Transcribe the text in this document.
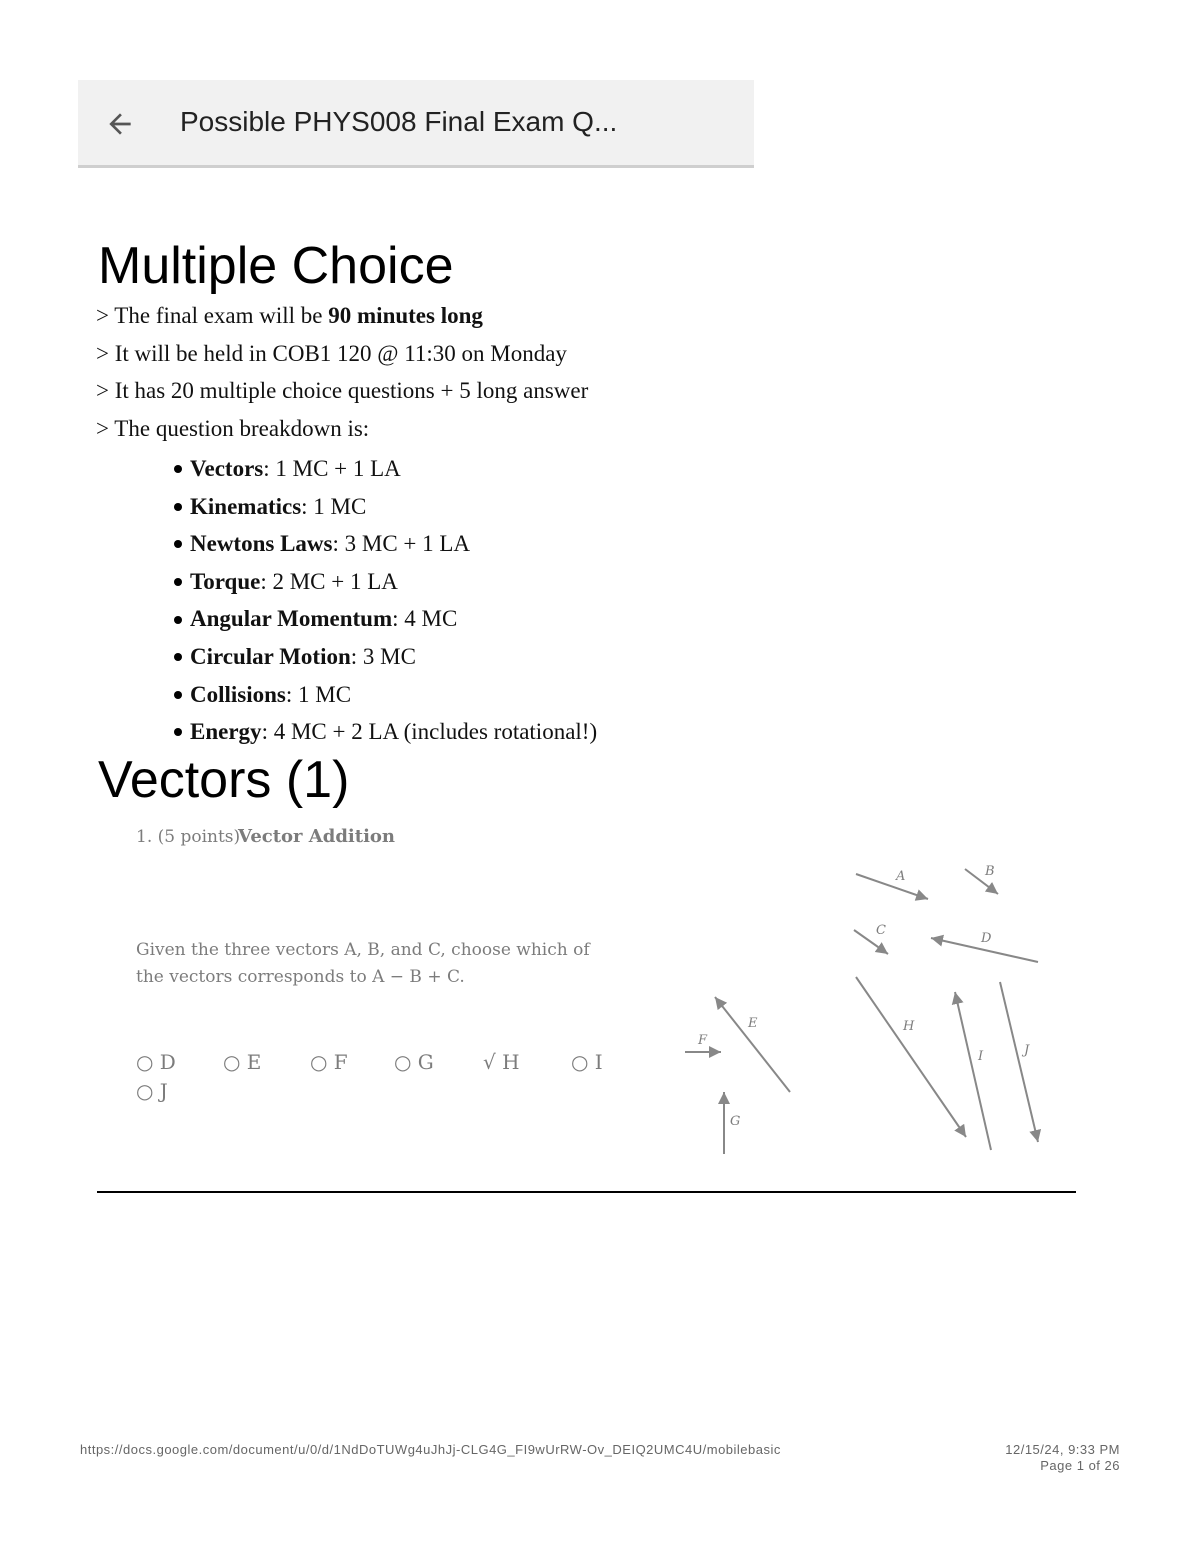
Possible PHYS008 Final Exam Q...
Multiple Choice
> The final exam will be 90 minutes long
> It will be held in COB1 120 @ 11:30 on Monday
> It has 20 multiple choice questions + 5 long answer
> The question breakdown is:
Vectors: 1 MC + 1 LA
Kinematics: 1 MC
Newtons Laws: 3 MC + 1 LA
Torque: 2 MC + 1 LA
Angular Momentum: 4 MC
Circular Motion: 3 MC
Collisions: 1 MC
Energy: 4 MC + 2 LA (includes rotational!)
Vectors (1)
1. (5 points)
Vector Addition
Given the three vectors A, B, and C, choose which of
the vectors corresponds to A − B + C.
○ D ○ E ○ F ○ G √ H	○ I
○ J
A	B
C
D
E
F
G
H
I	J
https://docs.google.com/document/u/0/d/1NdDoTUWg4uJhJj-CLG4G_FI9wUrRW-Ov_DEIQ2UMC4U/mobilebasic	12/15/24, 9:33 PM
Page 1 of 26
